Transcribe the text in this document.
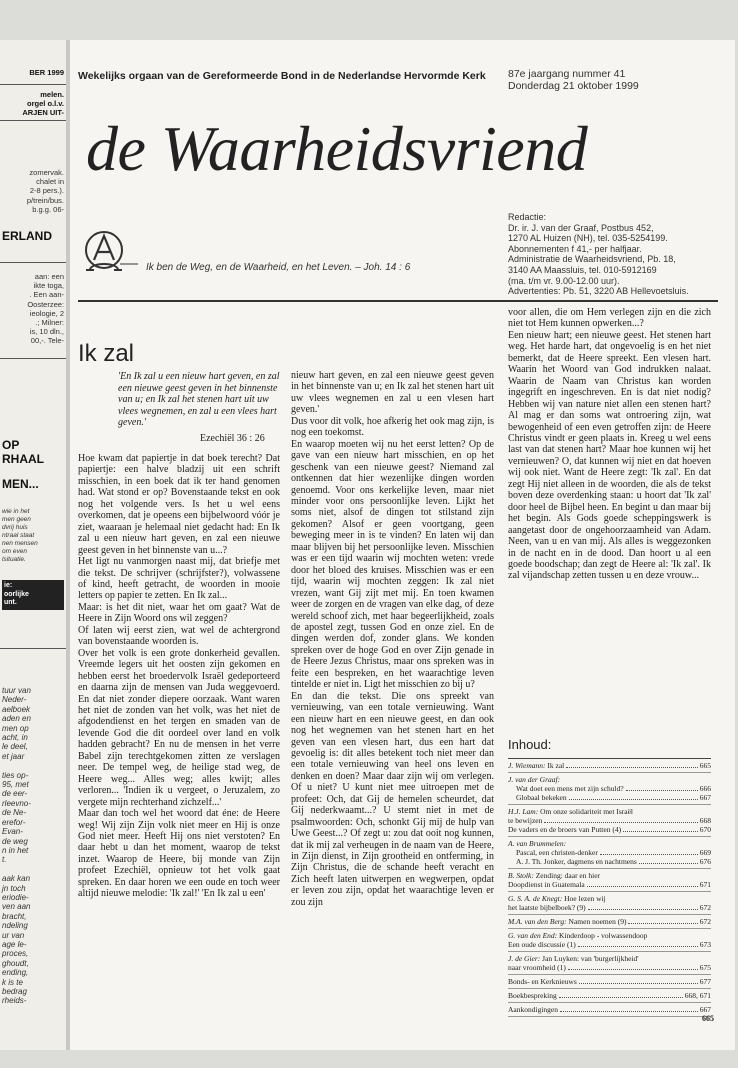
BER 1999
melen.
orgel o.l.v.
ARJEN UIT-
zomervak.
chalet in
2-8 pers.).
p/trein/bus.
b.g.g. 06-
ERLAND
aan: een
ikte toga,
. Een aan-
Oosterzee:
ieologie, 2
.; Milner:
is, 10 dln.,
00,-. Tele-
OP
RHAAL
MEN...
wie in het
men geen
dvrij huis
ntraal staat
nen mensen
om even
lsituatie.
ie:
oorlijke
unt.
tuur van
Neder-
aelboek
aden en
men op
acht, in
le deel,
et jaar

ties op-
95, met
de eer-
rleevno-
de Ne-
erefor-
Evan-
de weg
n in het
t.

aak kan
jn toch
eriodie-
ven aan
bracht,
ndeling
ur van
age le-
proces,
ghoudt,
ending,
k is te
bedrag
rheids-
Wekelijks orgaan van de Gereformeerde Bond in de Nederlandse Hervormde Kerk 87e jaargang nummer 41
Donderdag 21 oktober 1999
de Waarheidsvriend
Ik ben de Weg, en de Waarheid, en het Leven. – Joh. 14 : 6
Redactie:
Dr. ir. J. van der Graaf, Postbus 452,
1270 AL Huizen (NH), tel. 035-5254199.
Abonnementen f 41,- per halfjaar.
Administratie de Waarheidsvriend, Pb. 18,
3140 AA Maassluis, tel. 010-5912169
(ma. t/m vr. 9.00-12.00 uur).
Advertenties: Pb. 51, 3220 AB Hellevoetsluis.
Ik zal
'En Ik zal u een nieuw hart geven, en zal een nieuwe geest geven in het binnenste van u; en Ik zal het stenen hart uit uw vlees wegnemen, en zal u een vlees hart geven.'
Ezechiël 36 : 26

Hoe kwam dat papiertje in dat boek terecht? Dat papiertje: een halve bladzij uit een schrift misschien, in een boek dat ik ter hand genomen had. Wat stond er op? Bovenstaande tekst en ook nog het volgende vers. Is het u wel eens overkomen, dat je opeens een bijbelwoord vóór je ziet, waaraan je helemaal niet gedacht had: En Ik zal u een nieuw hart geven, en zal een nieuwe geest geven in het binnenste van u...?

Het ligt nu vanmorgen naast mij, dat briefje met die tekst. De schrijver (schrijfster?), volwassene of kind, heeft getracht, de woorden in mooie letters op papier te zetten. En Ik zal...

Maar: is het dit niet, waar het om gaat? Wat de Heere in Zijn Woord ons wil zeggen?

Of laten wij eerst zien, wat wel de achtergrond van bovenstaande woorden is.

Over het volk is een grote donkerheid gevallen. Vreemde legers uit het oosten zijn gekomen en hebben eerst het broedervolk Israël gedeporteerd en daarna zijn de mensen van Juda weggevoerd. En dat niet zonder diepere oorzaak. Want waren het niet de zonden van het volk, was het niet de afgodendienst en het tergen en smaden van de levende God die dit oordeel over land en volk hadden gebracht? En nu de mensen in het verre Babel zijn terechtgekomen zitten ze verslagen neer. De tempel weg, de heilige stad weg, de Heere weg... Alles weg; alles kwijt; alles verloren... 'Indien ik u vergeet, o Jeruzalem, zo vergete mijn rechterhand zichzelf...'

Maar dan toch wel het woord dat éne: de Heere weg! Wij zijn Zijn volk niet meer en Hij is onze God niet meer. Heeft Hij ons niet verstoten? En daar hebt u dan het moment, waarop de tekst inzet. Waarop de Heere, bij monde van Zijn profeet Ezechiël, opnieuw tot het volk gaat spreken. En daar horen we een oude en toch weer altijd nieuwe melodie: 'Ik zal!' 'En Ik zal u een'

nieuw hart geven, en zal een nieuwe geest geven in het binnenste van u; en Ik zal het stenen hart uit uw vlees wegnemen en zal u een vlesen hart geven.'

Dus voor dit volk, hoe afkerig het ook mag zijn, is nog een toekomst.

En waarop moeten wij nu het eerst letten? Op de gave van een nieuw hart misschien, en op het geschenk van een nieuwe geest? Niemand zal ontkennen dat hier wezenlijke dingen worden genoemd. Voor ons kerkelijke leven, maar niet minder voor ons persoonlijke leven. Lijkt het soms niet, alsof de dingen tot stilstand zijn gekomen? Alsof er geen voortgang, geen beweging meer in is te vinden? En laten wij dan maar blijven bij het persoonlijke leven. Misschien was er een tijd waarin wij mochten weten: vrede door het bloed des kruises. Misschien was er een tijd, waarin wij mochten zeggen: Ik zal niet vrezen, want Gij zijt met mij. En toen kwamen weer de zorgen en de vragen van elke dag, of deze wereld schoof zich, met haar begeerlijkheid, zoals de apostel zegt, tussen God en onze ziel. En de dingen werden dof, zonder glans. We konden spreken over de hoge God en over Zijn genade in de Heere Jezus Christus, maar ons spreken was in feite een bespreken, en het waarachtige leven tintelde er niet in. Ligt het misschien zo bij u?

En dan die tekst. Die ons spreekt van vernieuwing, van een totale vernieuwing. Want een nieuw hart en een nieuwe geest, en dan ook nog het wegnemen van het stenen hart en het geven van een vlesen hart, dus een hart dat gevoelig is: dit alles betekent toch niet meer dan een totale vernieuwing van heel ons leven en denken en doen? Maar daar zijn wij om verlegen. Of u niet? U kunt niet mee uitroepen met de profeet: Och, dat Gij de hemelen scheurdet, dat Gij nederkwaamt...? U stemt niet in met de psalmwoorden: Och, schonkt Gij mij de hulp van Uwe Geest...? Of zegt u: zou dat ooit nog kunnen, dat ik mij zal verheugen in de naam van de Heere, in Zijn dienst, in Zijn grootheid en ontferming, in Zijn Christus, die de schande heeft veracht en Zich heeft laten uitwerpen en wegwerpen, opdat er leven zou zijn, opdat het waarachtige leven er zou zijn

voor allen, die om Hem verlegen zijn en die zich niet tot Hem kunnen opwerken...?

Een nieuw hart; een nieuwe geest. Het stenen hart weg. Het harde hart, dat ongevoelig is en het niet bemerkt, dat de Heere spreekt. Een vlesen hart. Waarin het Woord van God indrukken nalaat. Waarin de Naam van Christus kan worden ingegrift en ingeschreven. En is dat niet nodig? Hebben wij van nature niet allen een stenen hart? Al mag er dan soms wat ontroering zijn, wat bewogenheid of een even getroffen zijn: de Heere Christus vindt er geen plaats in. Kreeg u wel eens last van dat stenen hart? Maar hoe kunnen wij het vernieuwen? O, dat kunnen wij niet en dat hoeven wij ook niet. Want de Heere zegt: 'Ik zal'. En dat zegt Hij niet alleen in de woorden, die als de tekst boven deze overdenking staan: u hoort dat 'Ik zal' door heel de Bijbel heen. En begint u dan maar bij het begin. Als Gods goede scheppingswerk is aangetast door de ongehoorzaamheid van Adam. Neen, van u en van mij. Als alles is weggezonken in de nacht en in de dood. Dan hoort u al een goede boodschap; dan zegt de Heere al: 'Ik zal'. Ik zal vijandschap zetten tussen u en deze vrouw...

Inhoud:
J. Wiemann: Ik zal	665
J. van der Graaf:
Wat doet een mens met zijn schuld?	666
Globaal bekeken	667
H.J. Lam: Om onze solidariteit met Israël
te bewijzen	668
De vaders en de broers van Putten (4)	670
A. van Brummelen:
Pascal, een christen-denker	669
A. J. Th. Jonker, dagmens en nachtmens	676
B. Stolk: Zending: daar en hier
Doopdienst in Guatemala	671
G. S. A. de Knegt: Hoe lezen wij
het laatste bijbelboek? (9)	672
M.A. van den Berg: Namen noemen (9)	672
G. van den End: Kinderdoop - volwassendoop
Een oude discussie (1)	673
J. de Gier: Jan Luyken: van 'burgerlijkheid'
naar vroomheid (1)	675
Bonds- en Kerknieuws	677
Boekbespreking	668, 671
Aankondigingen	667
665
